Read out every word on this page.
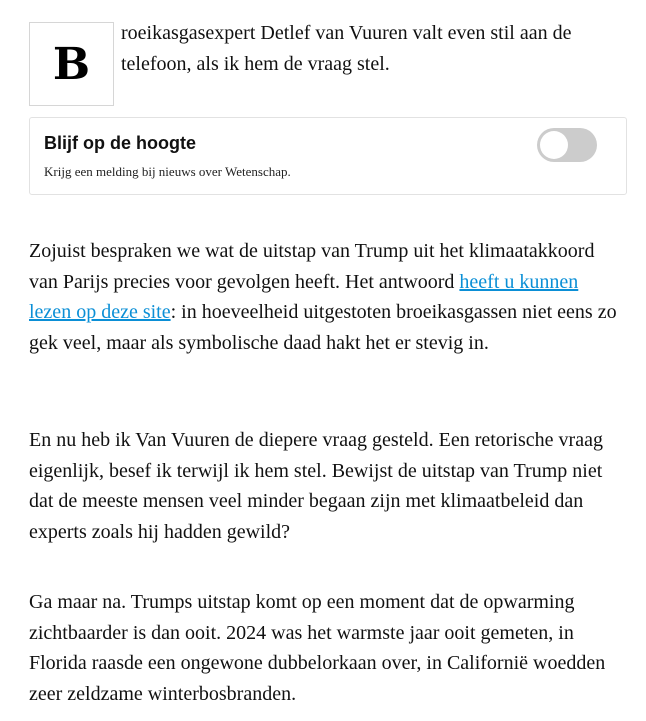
B
roeikasgasexpert Detlef van Vuuren valt even stil aan de telefoon, als ik hem de vraag stel.
Blijf op de hoogte
Krijg een melding bij nieuws over Wetenschap.

Zojuist bespraken we wat de uitstap van Trump uit het klimaatakkoord van Parijs precies voor gevolgen heeft. Het antwoord heeft u kunnen lezen op deze site: in hoeveelheid uitgestoten broeikasgassen niet eens zo gek veel, maar als symbolische daad hakt het er stevig in.

En nu heb ik Van Vuuren de diepere vraag gesteld. Een retorische vraag eigenlijk, besef ik terwijl ik hem stel. Bewijst de uitstap van Trump niet dat de meeste mensen veel minder begaan zijn met klimaatbeleid dan experts zoals hij hadden gewild?

Ga maar na. Trumps uitstap komt op een moment dat de opwarming zichtbaarder is dan ooit. 2024 was het warmste jaar ooit gemeten, in Florida raasde een ongewone dubbelorkaan over, in Californië woedden zeer zeldzame winterbosbranden.
